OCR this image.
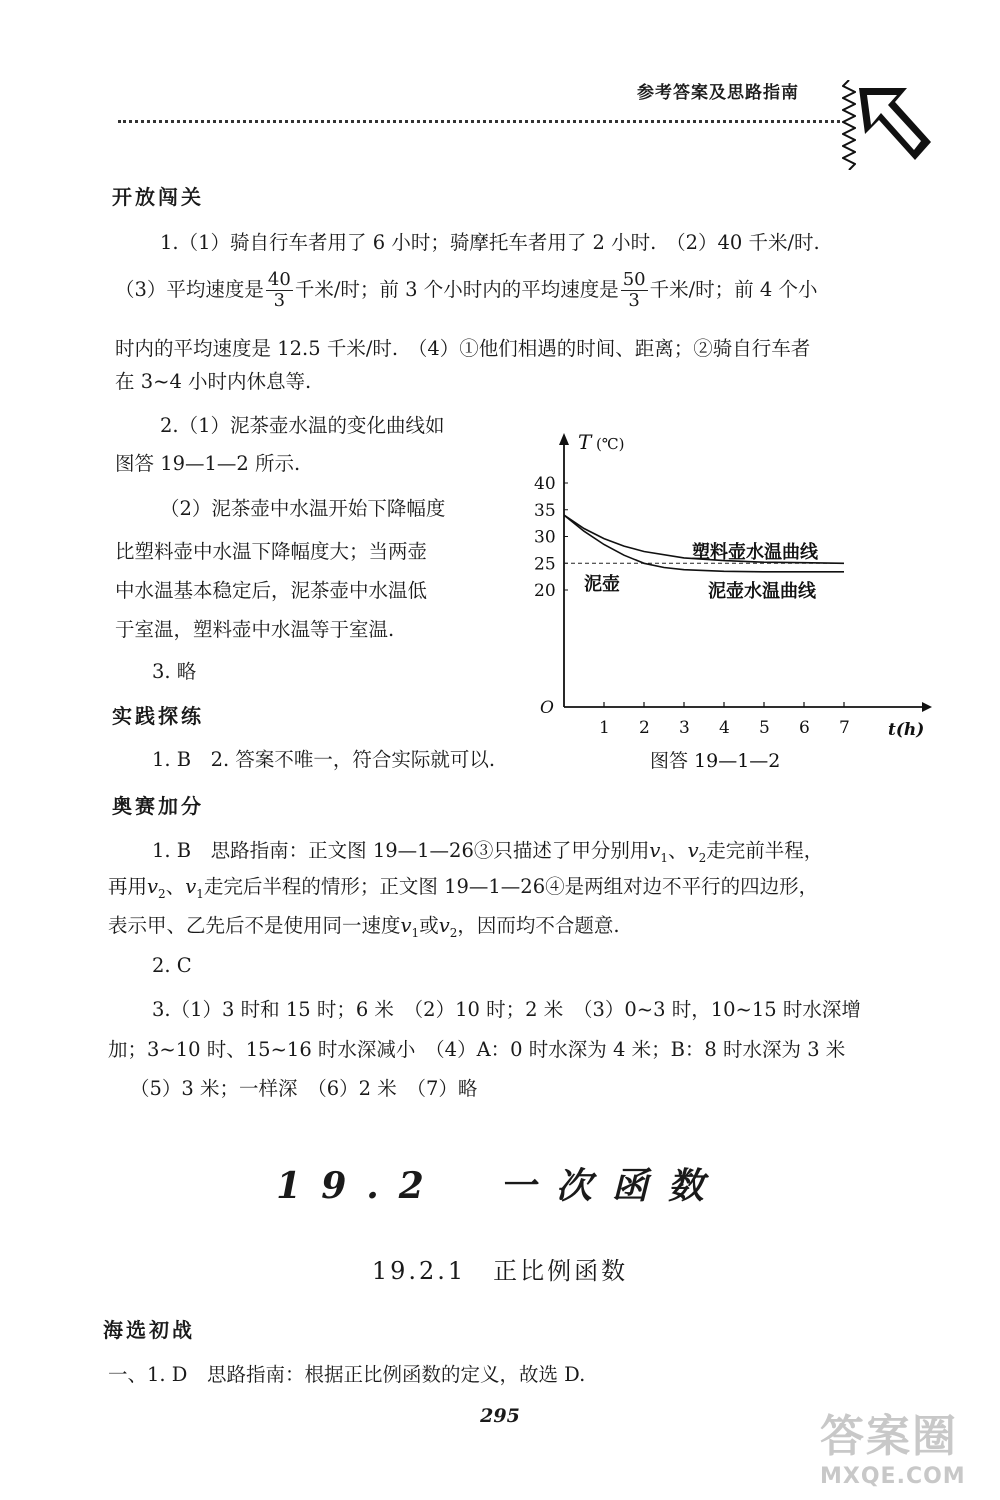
参考答案及思路指南
开放闯关
1.（1）骑自行车者用了 6 小时；骑摩托车者用了 2 小时.　（2）40 千米/时.
（3）平均速度是 $\frac{40}{3}$ 千米/时；前 3 个小时内的平均速度是 $\frac{50}{3}$ 千米/时；前 4 个小
时内的平均速度是 12.5 千米/时.　（4）①他们相遇的时间、距离；②骑自行车者
在 3~4 小时内休息等.
2.（1）泥茶壶水温的变化曲线如
图答 19—1—2 所示.
（2）泥茶壶中水温开始下降幅度
比塑料壶中水温下降幅度大；当两壶
中水温基本稳定后，泥茶壶中水温低
于室温，塑料壶中水温等于室温.
3. 略
T (℃)
O
20
25
30
35
40
1 2 3 4 5 6 7 t(h)
塑料壶水温曲线
泥壶水温曲线
泥壶
图答 19—1—2
实践探练
1. B　2. 答案不唯一，符合实际就可以.
奥赛加分
1. B　思路指南：正文图 19—1—26③只描述了甲分别用$v_1$、$v_2$走完前半程，
再用$v_2$、$v_1$走完后半程的情形；正文图 19—1—26④是两组对边不平行的四边形，
表示甲、乙先后不是使用同一速度$v_1$或$v_2$，因而均不合题意.
2. C
3.（1）3 时和 15 时；6 米　（2）10 时；2 米　（3）0~3 时，10~15 时水深增
加；3~10 时、15~16 时水深减小　（4）A：0 时水深为 4 米；B：8 时水深为 3 米
（5）3 米；一样深　（6）2 米　（7）略
19.2　一次函数
19.2.1　正比例函数
海选初战
一、1. D　思路指南：根据正比例函数的定义，故选 D.
295	答案圈
MXQE.COM
